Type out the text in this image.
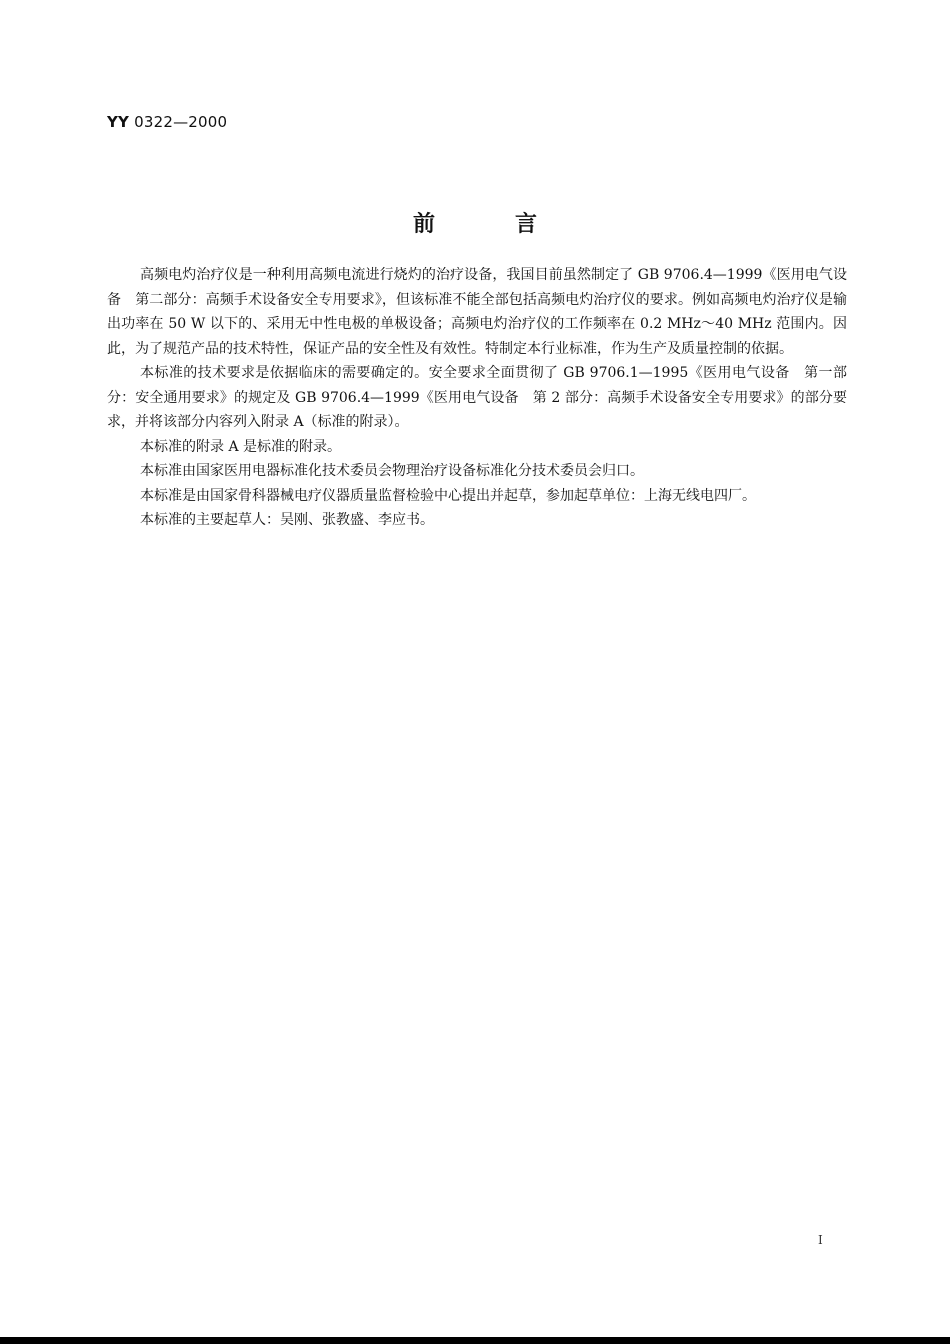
YY 0322—2000
前言

高频电灼治疗仪是一种利用高频电流进行烧灼的治疗设备，我国目前虽然制定了 GB 9706.4—1999《医用电气设备　第二部分：高频手术设备安全专用要求》，但该标准不能全部包括高频电灼治疗仪的要求。例如高频电灼治疗仪是输出功率在 50 W 以下的、采用无中性电极的单极设备；高频电灼治疗仪的工作频率在 0.2 MHz～40 MHz 范围内。因此，为了规范产品的技术特性，保证产品的安全性及有效性。特制定本行业标准，作为生产及质量控制的依据。

本标准的技术要求是依据临床的需要确定的。安全要求全面贯彻了 GB 9706.1—1995《医用电气设备　第一部分：安全通用要求》的规定及 GB 9706.4—1999《医用电气设备　第 2 部分：高频手术设备安全专用要求》的部分要求，并将该部分内容列入附录 A（标准的附录）。

本标准的附录 A 是标准的附录。

本标准由国家医用电器标准化技术委员会物理治疗设备标准化分技术委员会归口。

本标准是由国家骨科器械电疗仪器质量监督检验中心提出并起草，参加起草单位：上海无线电四厂。

本标准的主要起草人：吴刚、张教盛、李应书。

I
